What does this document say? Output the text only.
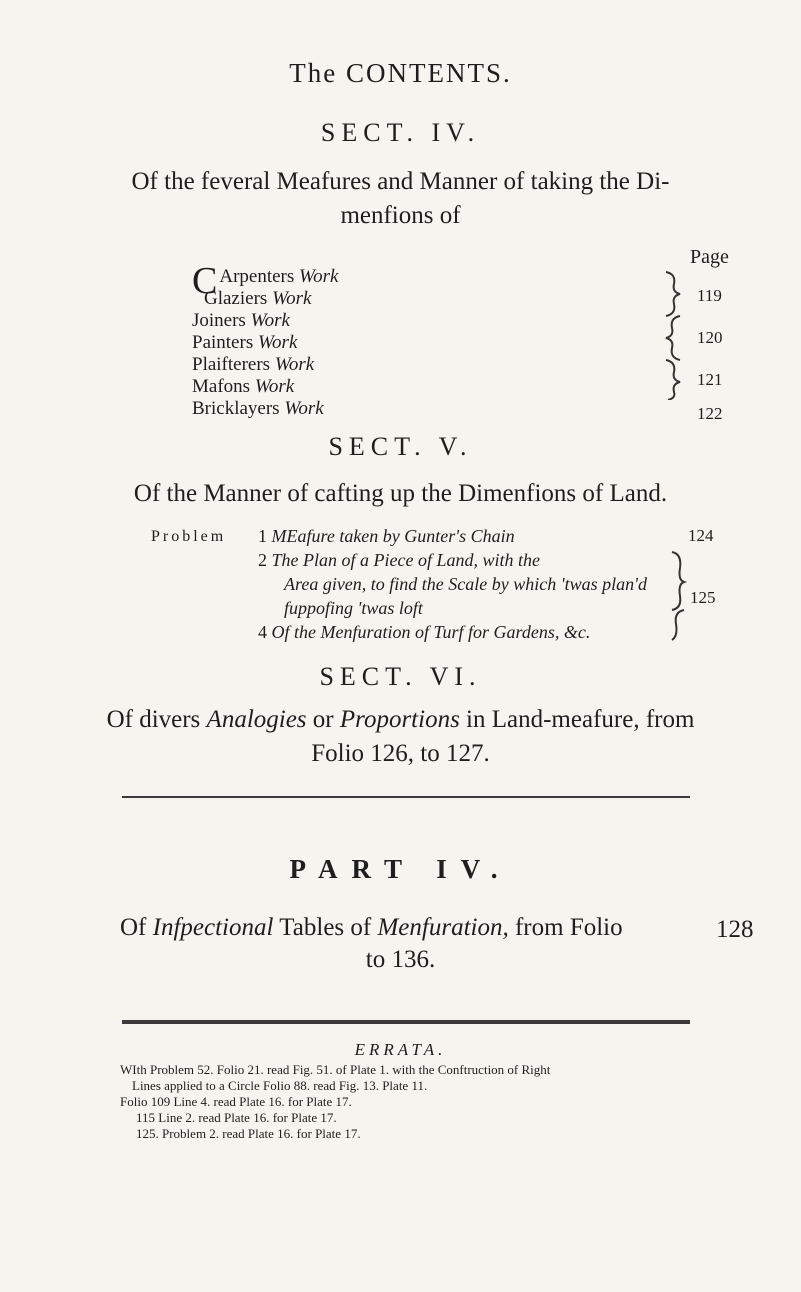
The CONTENTS.
SECT. IV.
Of the feveral Meafures and Manner of taking the Di-
menfions of
Page
C Arpenters Work
Glaziers Work
Joiners Work
Painters Work
Plaifterers Work
Mafons Work
Bricklayers Work
119
120
121
122
SECT. V.
Of the Manner of cafting up the Dimenfions of Land.
Problem 1 MEafure taken by Gunter's Chain
2 The Plan of a Piece of Land, with the
Area given, to find the Scale by which 'twas plan'd
fuppofing 'twas loft
4 Of the Menfuration of Turf for Gardens, &c.
124
125
SECT. VI.
Of divers Analogies or Proportions in Land-meafure, from
Folio 126, to 127.
PART IV.
Of Infpectional Tables of Menfuration, from Folio	128
to 136.
ERRATA.
WIth Problem 52. Folio 21. read Fig. 51. of Plate 1. with the Conftruction of Right
Lines applied to a Circle Folio 88. read Fig. 13. Plate 11.
Folio 109 Line 4. read Plate 16. for Plate 17.
115 Line 2. read Plate 16. for Plate 17.
125. Problem 2. read Plate 16. for Plate 17.
